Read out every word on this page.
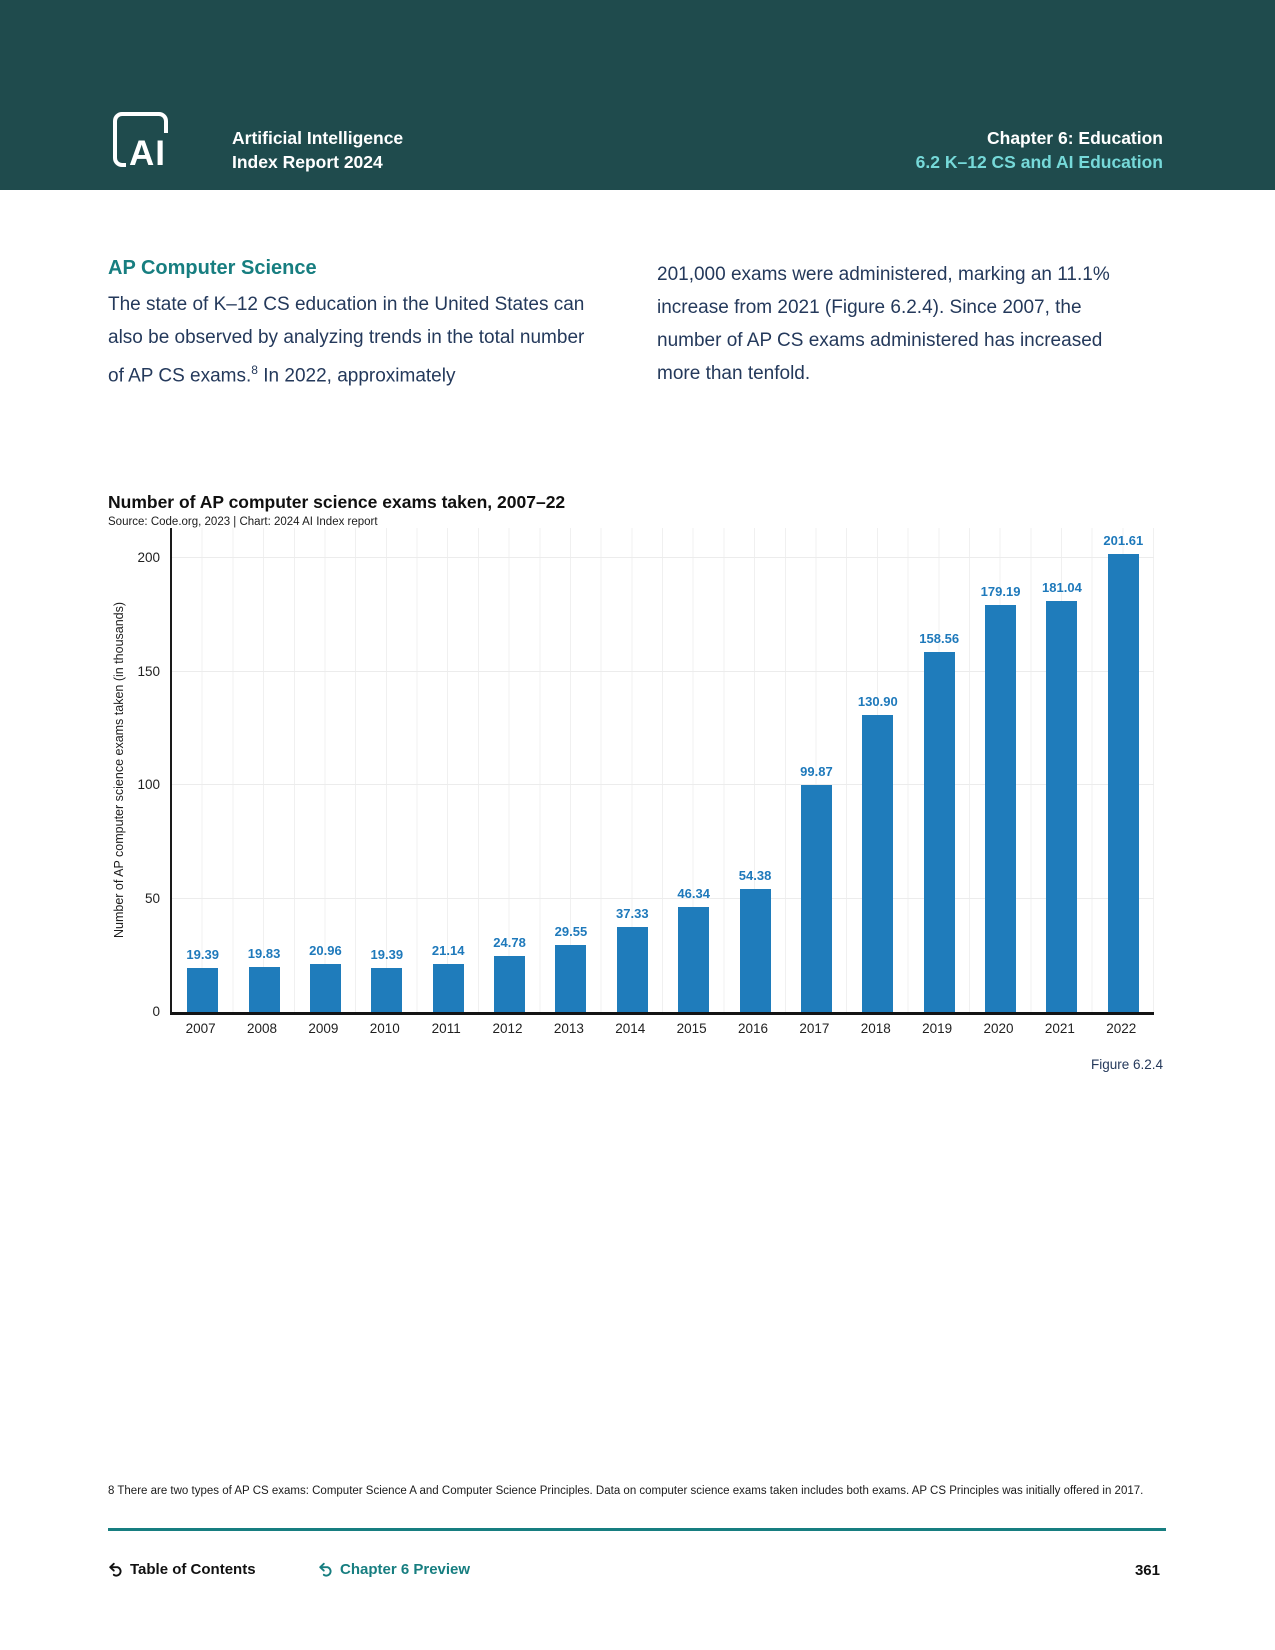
AI	Artificial Intelligence
Index Report 2024
Chapter 6: Education
6.2 K–12 CS and AI Education
AP Computer Science
The state of K–12 CS education in the United States can also be observed by analyzing trends in the total number of AP CS exams.$^8$ In 2022, approximately
201,000 exams were administered, marking an 11.1% increase from 2021 (Figure 6.2.4). Since 2007, the number of AP CS exams administered has increased more than tenfold.
Number of AP computer science exams taken, 2007–22
Source: Code.org, 2023 | Chart: 2024 AI Index report
Number of AP computer science exams taken (in thousands)
0
50
100
150
200
19.39	19.83	20.96	19.39	21.14
24.78
29.55
37.33
46.34
54.38
99.87
130.90
158.56
179.19	181.04
201.61
2007	2008	2009	2010	2011	2012	2013	2014	2015	2016	2017	2018	2019	2020	2021	2022
Figure 6.2.4
8 There are two types of AP CS exams: Computer Science A and Computer Science Principles. Data on computer science exams taken includes both exams. AP CS Principles was initially offered in 2017.
Table of Contents	Chapter 6 Preview	361
